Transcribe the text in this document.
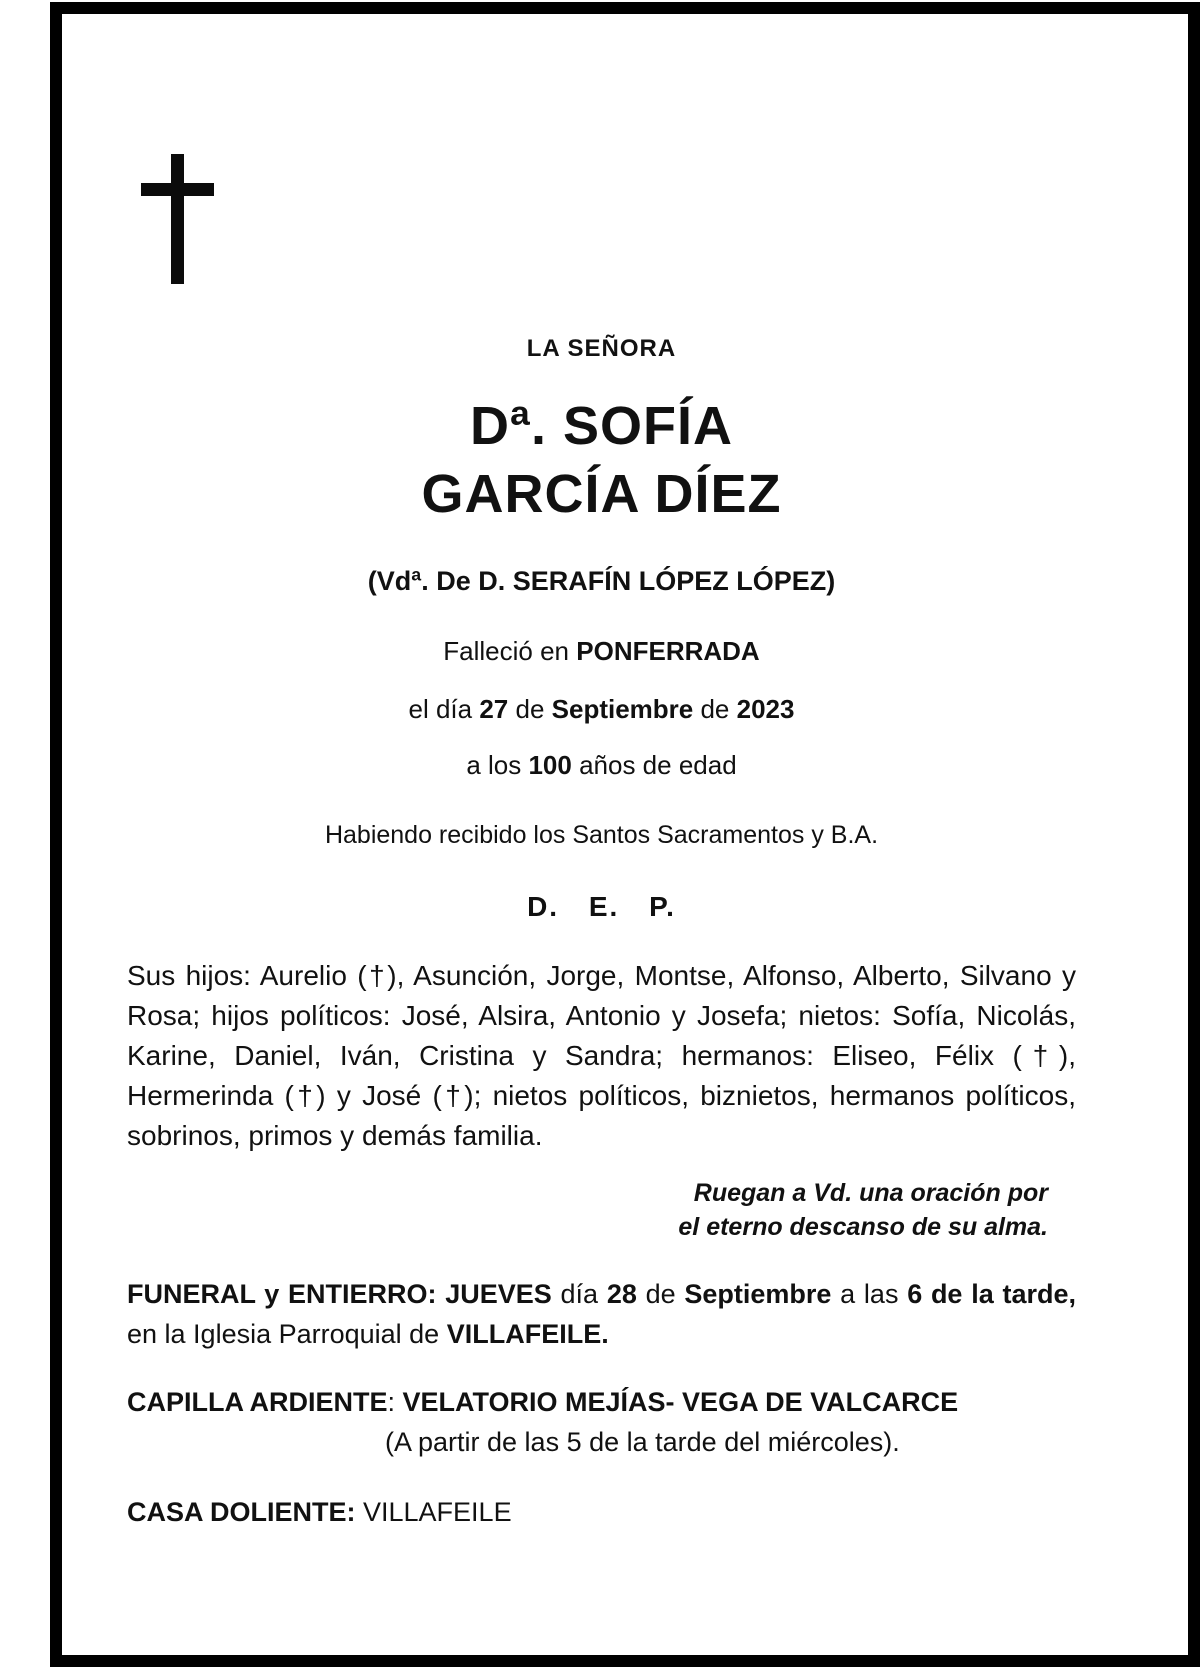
LA SEÑORA
Dª. SOFÍA
GARCÍA DÍEZ
(Vdª. De D. SERAFÍN LÓPEZ LÓPEZ)
Falleció en PONFERRADA
el día 27 de Septiembre de 2023
a los 100 años de edad
Habiendo recibido los Santos Sacramentos y B.A.
D. E. P.
Sus hijos: Aurelio (†), Asunción, Jorge, Montse, Alfonso, Alberto, Silvano y Rosa; hijos políticos: José, Alsira, Antonio y Josefa; nietos: Sofía, Nicolás, Karine, Daniel, Iván, Cristina y Sandra; hermanos: Eliseo, Félix (†), Hermerinda (†) y José (†); nietos políticos, biznietos, hermanos políticos, sobrinos, primos y demás familia.
Ruegan a Vd. una oración por
el eterno descanso de su alma.
FUNERAL y ENTIERRO: JUEVES día 28 de Septiembre a las 6 de la tarde, en la Iglesia Parroquial de VILLAFEILE.
CAPILLA ARDIENTE: VELATORIO MEJÍAS- VEGA DE VALCARCE
(A partir de las 5 de la tarde del miércoles).
CASA DOLIENTE: VILLAFEILE
